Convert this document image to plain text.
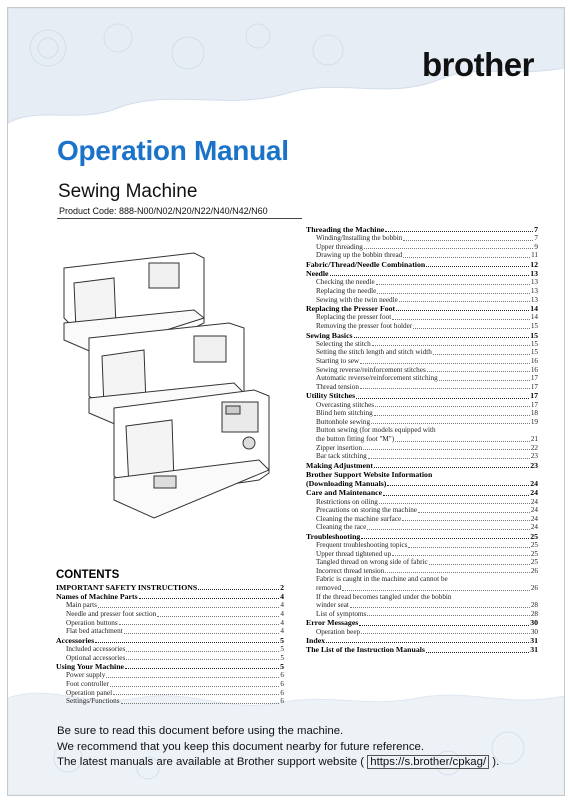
brother
Operation Manual
Sewing Machine
Product Code: 888-N00/N02/N20/N22/N40/N42/N60
CONTENTS
IMPORTANT SAFETY INSTRUCTIONS	2
Names of Machine Parts	4
Main parts	4
Needle and presser foot section	4
Operation buttons	4
Flat bed attachment	4
Accessories	5
Included accessories	5
Optional accessories	5
Using Your Machine	5
Power supply	6
Foot controller	6
Operation panel	6
Settings/Functions	6
Threading the Machine	7
Winding/Installing the bobbin	7
Upper threading	9
Drawing up the bobbin thread	11
Fabric/Thread/Needle Combination	12
Needle	13
Checking the needle	13
Replacing the needle	13
Sewing with the twin needle	13
Replacing the Presser Foot	14
Replacing the presser foot	14
Removing the presser foot holder	15
Sewing Basics	15
Selecting the stitch	15
Setting the stitch length and stitch width	15
Starting to sew	16
Sewing reverse/reinforcement stitches	16
Automatic reverse/reinforcement stitching	17
Thread tension	17
Utility Stitches	17
Overcasting stitches	17
Blind hem stitching	18
Buttonhole sewing	19
Button sewing (for models equipped with
the button fitting foot "M")	21
Zipper insertion	22
Bar tack stitching	23
Making Adjustment	23
Brother Support Website Information
(Downloading Manuals)	24
Care and Maintenance	24
Restrictions on oiling	24
Precautions on storing the machine	24
Cleaning the machine surface	24
Cleaning the race	24
Troubleshooting	25
Frequent troubleshooting topics	25
Upper thread tightened up	25
Tangled thread on wrong side of fabric	25
Incorrect thread tension	26
Fabric is caught in the machine and cannot be
removed	26
If the thread becomes tangled under the bobbin
winder seat	28
List of symptoms	28
Error Messages	30
Operation beep	30
Index	31
The List of the Instruction Manuals	31
Be sure to read this document before using the machine.
We recommend that you keep this document nearby for future reference.
The latest manuals are available at Brother support website ( https://s.brother/cpkag/ ).
